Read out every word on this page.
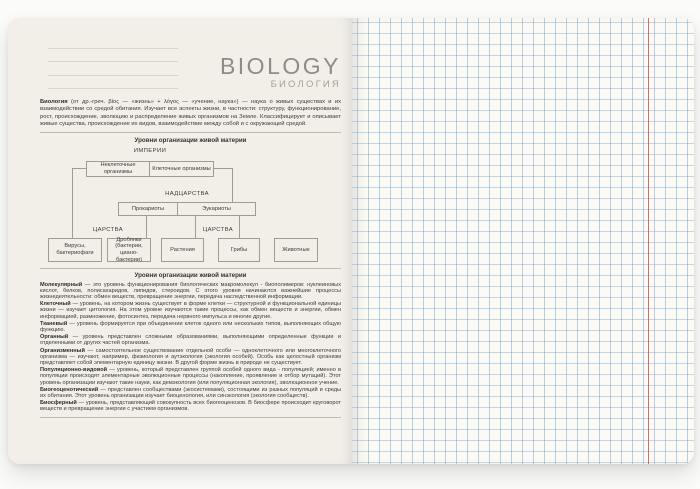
BIOLOGY
БИОЛОГИЯ

Биология (от др.-греч. βίος — «жизнь» + λόγος — «учение, наука») — наука о живых существах и их взаимодействии со средой обитания. Изучает все аспекты жизни, в частности: структуру, функционирование, рост, происхождение, эволюцию и распределение живых организмов на Земле. Классифицирует и описывает живые существа, происхождение их видов, взаимодействие между собой и с окружающей средой.

Уровни организации живой материи
ИМПЕРИИ
Неклеточные организмы
Клеточные организмы
НАДЦАРСТВА
Прокариоты	Эукариоты
ЦАРСТВА	ЦАРСТВА
Вирусы, бактериофаги
Дробянки (бактерии, циано-бактерии)
Растения	Грибы	Животные
Уровни организации живой материи

Молекулярный — это уровень функционирования биологических макромолекул - биополимеров: нуклеиновых кислот, белков, полисахаридов, липидов, стероидов. С этого уровня начинаются важнейшие процессы жизнедеятельности: обмен веществ, превращение энергии, передача наследственной информации.

Клеточный — уровень, на котором жизнь существует в форме клетки — структурной и функциональной единицы жизни — изучает цитология. На этом уровне изучаются такие процессы, как обмен веществ и энергии, обмен информацией, размножение, фотосинтез, передача нервного импульса и многие другие.

Тканевый — уровень формируется при объединении клеток одного или нескольких типов, выполняющих общую функцию.

Органный — уровень представлен сложными образованиями, выполняющими определенные функции и отделенными от других частей организма.

Организменный — самостоятельное существование отдельной особи — одноклеточного или многоклеточного организма — изучают, например, физиология и аутэкология (экология особей). Особь как целостный организм представляет собой элементарную единицу жизни. В другой форме жизнь в природе не существует.

Популяционно-видовой — уровень, который представлен группой особей одного вида - популяцией; именно в популяции происходят элементарные эволюционные процессы (накопление, проявление и отбор мутаций). Этот уровень организации изучают такие науки, как демэкология (или популяционная экология), эволюционное учение.

Биогеоценотический — представлен сообществами (экосистемами), состоящими из разных популяций и среды их обитания. Этот уровень организации изучает биоценология, или синэкология (экология сообществ).

Биосферный — уровень, представляющий совокупность всех биогеоценозов. В биосфере происходит круговорот веществ и превращение энергии с участием организмов.
